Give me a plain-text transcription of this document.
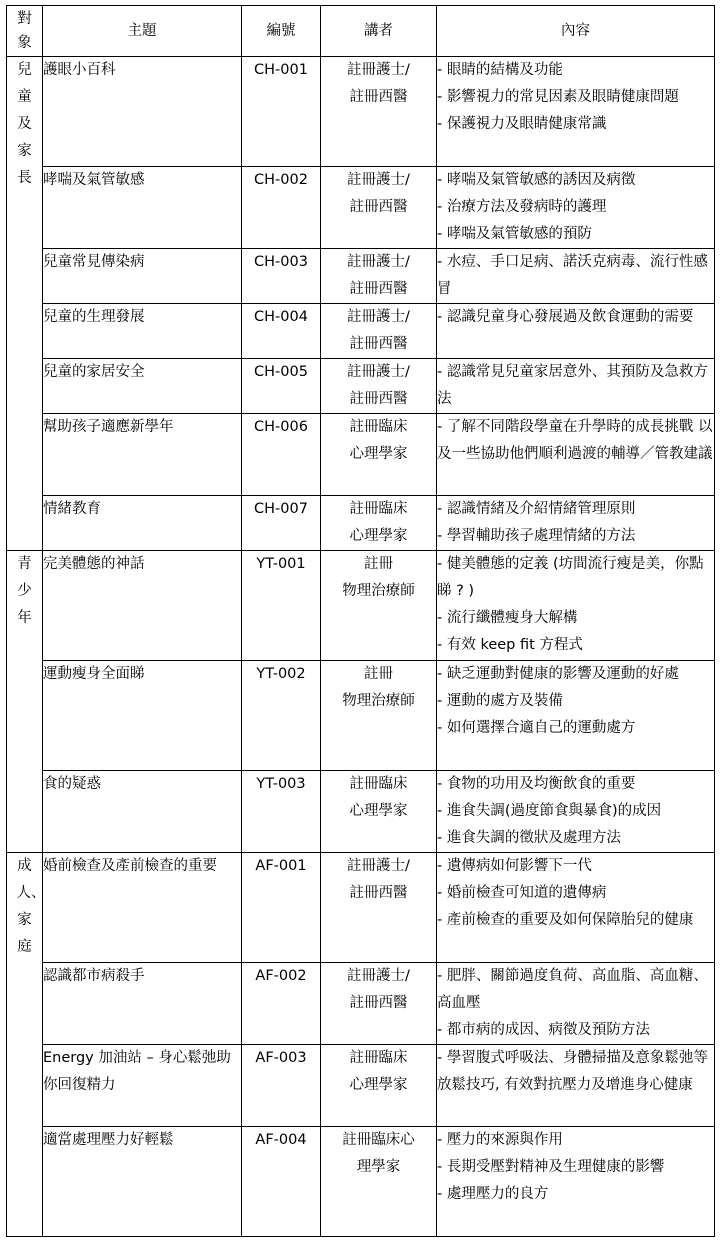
對象	主題	編號	講者	內容
兒童及家長	護眼小百科	CH-001	註冊護士/
註冊西醫	- 眼睛的結構及功能
- 影響視力的常見因素及眼睛健康問題
- 保護視力及眼睛健康常識

	哮喘及氣管敏感	CH-002	註冊護士/
註冊西醫	- 哮喘及氣管敏感的誘因及病徵
- 治療方法及發病時的護理
- 哮喘及氣管敏感的預防

	兒童常見傳染病	CH-003	註冊護士/
註冊西醫	- 水痘、手口足病、諾沃克病毒、流行性感冒

	兒童的生理發展	CH-004	註冊護士/
註冊西醫	- 認識兒童身心發展過及飲食運動的需要

	兒童的家居安全	CH-005	註冊護士/
註冊西醫	- 認識常見兒童家居意外、其預防及急救方法

	幫助孩子適應新學年	CH-006	註冊臨床
心理學家	- 了解不同階段學童在升學時的成長挑戰 以及一些協助他們順利過渡的輔導／管教建議

	情緒教育	CH-007	註冊臨床
心理學家	- 認識情緒及介紹情緒管理原則
- 學習輔助孩子處理情緒的方法

青少年	完美體態的神話	YT-001	註冊
物理治療師	- 健美體態的定義 (坊間流行瘦是美，你點睇 ? )
- 流行纖體瘦身大解構
- 有效 keep fit 方程式

	運動瘦身全面睇	YT-002	註冊
物理治療師	- 缺乏運動對健康的影響及運動的好處
- 運動的處方及裝備
- 如何選擇合適自己的運動處方

	食的疑惑	YT-003	註冊臨床
心理學家	- 食物的功用及均衡飲食的重要
- 進食失調(過度節食與暴食)的成因
- 進食失調的徵狀及處理方法

成人、家庭	婚前檢查及產前檢查的重要	AF-001	註冊護士/
註冊西醫	- 遺傳病如何影響下一代
- 婚前檢查可知道的遺傳病
- 產前檢查的重要及如何保障胎兒的健康

	認識都市病殺手	AF-002	註冊護士/
註冊西醫	- 肥胖、關節過度負荷、高血脂、高血糖、高血壓
- 都市病的成因、病徵及預防方法

	Energy 加油站 – 身心鬆弛助你回復精力	AF-003	註冊臨床
心理學家	- 學習腹式呼吸法、身體掃描及意象鬆弛等放鬆技巧, 有效對抗壓力及增進身心健康

	適當處理壓力好輕鬆	AF-004	註冊臨床心
理學家	- 壓力的來源與作用
- 長期受壓對精神及生理健康的影響
- 處理壓力的良方
